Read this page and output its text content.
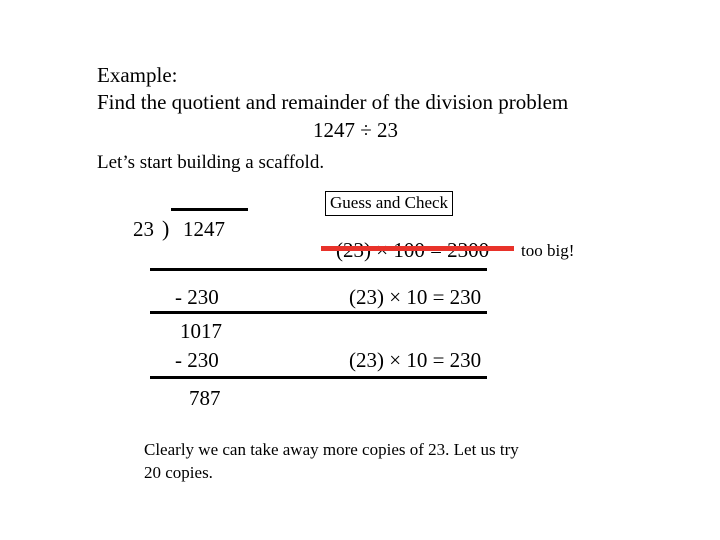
Example:
Find the quotient and remainder of the division problem
1247 ÷ 23
Let’s start building a scaffold.
Guess and Check
23 ) 1247
too big!
- 230	(23) × 10 = 230
1017
- 230	(23) × 10 = 230
787
Clearly we can take away more copies of 23. Let us try
20 copies.
